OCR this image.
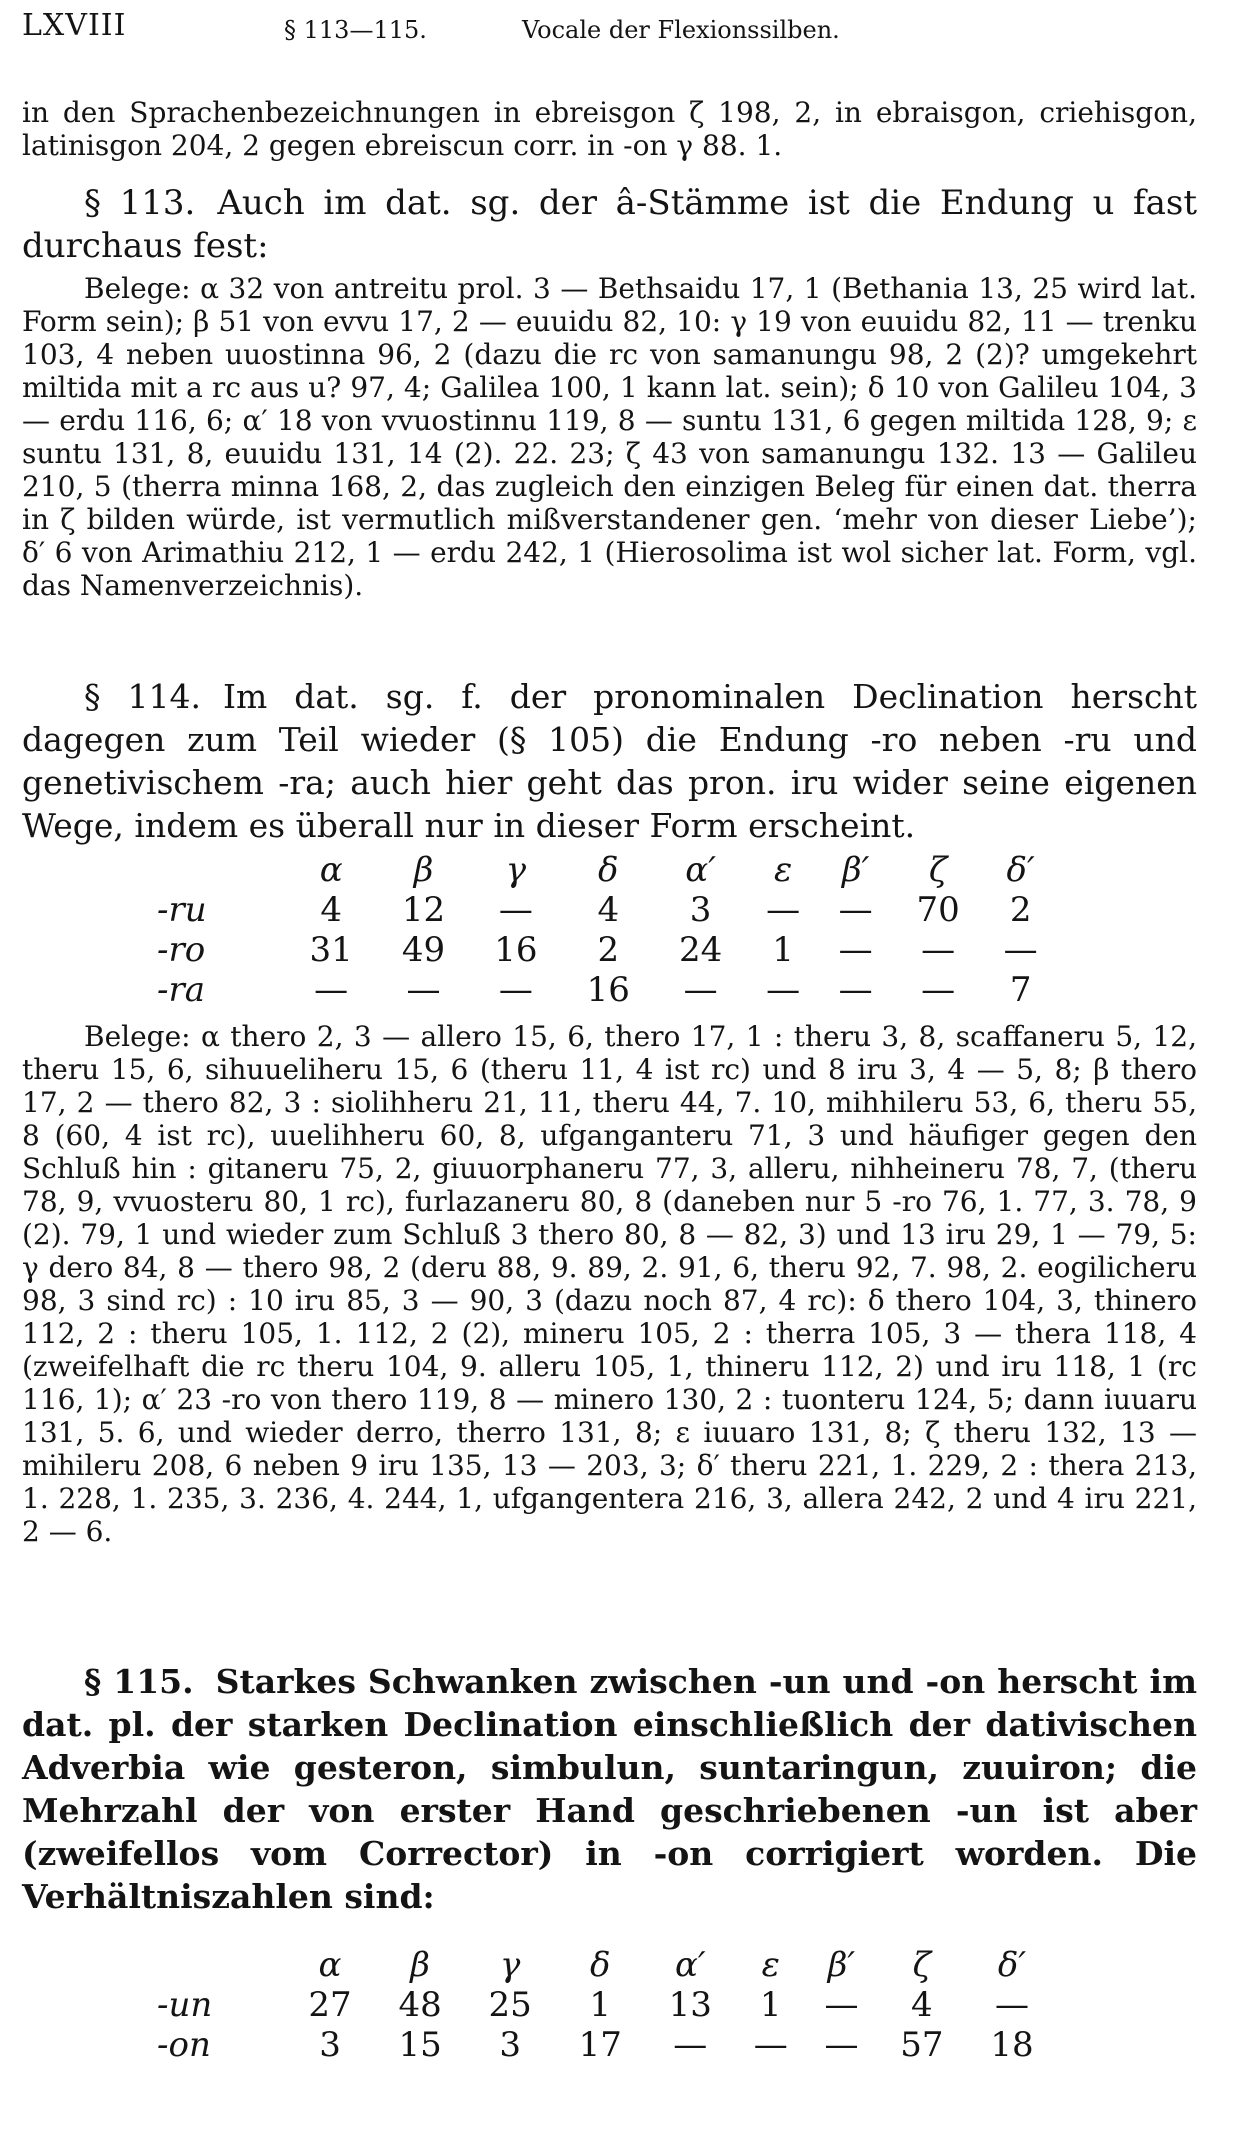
LXVIII	§ 113—115.	Vocale der Flexionssilben.

in den Sprachenbezeichnungen in ebreisgon ζ 198, 2, in ebraisgon, criehisgon, latinisgon 204, 2 gegen ebreiscun corr. in -on γ 88. 1.

§ 113. Auch im dat. sg. der â-Stämme ist die Endung u fast durchaus fest:

Belege: α 32 von antreitu prol. 3 — Bethsaidu 17, 1 (Bethania 13, 25 wird lat. Form sein); β 51 von evvu 17, 2 — euuidu 82, 10: γ 19 von euuidu 82, 11 — trenku 103, 4 neben uuostinna 96, 2 (dazu die rc von samanungu 98, 2 (2)? umgekehrt miltida mit a rc aus u? 97, 4; Galilea 100, 1 kann lat. sein); δ 10 von Galileu 104, 3 — erdu 116, 6; α′ 18 von vvuostinnu 119, 8 — suntu 131, 6 gegen miltida 128, 9; ε suntu 131, 8, euuidu 131, 14 (2). 22. 23; ζ 43 von samanungu 132. 13 — Galileu 210, 5 (therra minna 168, 2, das zugleich den einzigen Beleg für einen dat. therra in ζ bilden würde, ist vermutlich mißverstandener gen. ‘mehr von dieser Liebe’); δ′ 6 von Arimathiu 212, 1 — erdu 242, 1 (Hierosolima ist wol sicher lat. Form, vgl. das Namenverzeichnis).

§ 114. Im dat. sg. f. der pronominalen Declination herscht dagegen zum Teil wieder (§ 105) die Endung -ro neben -ru und genetivischem -ra; auch hier geht das pron. iru wider seine eigenen Wege, indem es überall nur in dieser Form erscheint.

	α	β	γ	δ	α′	ε	β′	ζ	δ′
-ru	4	12	—	4	3	—	—	70	2
-ro	31	49	16	2	24	1	—	—	—
-ra	—	—	—	16	—	—	—	—	7

Belege: α thero 2, 3 — allero 15, 6, thero 17, 1 : theru 3, 8, scaffaneru 5, 12, theru 15, 6, sihuueliheru 15, 6 (theru 11, 4 ist rc) und 8 iru 3, 4 — 5, 8; β thero 17, 2 — thero 82, 3 : siolihheru 21, 11, theru 44, 7. 10, mihhileru 53, 6, theru 55, 8 (60, 4 ist rc), uuelihheru 60, 8, ufganganteru 71, 3 und häufiger gegen den Schluß hin : gitaneru 75, 2, giuuorphaneru 77, 3, alleru, nihheineru 78, 7, (theru 78, 9, vvuosteru 80, 1 rc), furlazaneru 80, 8 (daneben nur 5 -ro 76, 1. 77, 3. 78, 9 (2). 79, 1 und wieder zum Schluß 3 thero 80, 8 — 82, 3) und 13 iru 29, 1 — 79, 5: γ dero 84, 8 — thero 98, 2 (deru 88, 9. 89, 2. 91, 6, theru 92, 7. 98, 2. eogilicheru 98, 3 sind rc) : 10 iru 85, 3 — 90, 3 (dazu noch 87, 4 rc): δ thero 104, 3, thinero 112, 2 : theru 105, 1. 112, 2 (2), mineru 105, 2 : therra 105, 3 — thera 118, 4 (zweifelhaft die rc theru 104, 9. alleru 105, 1, thineru 112, 2) und iru 118, 1 (rc 116, 1); α′ 23 -ro von thero 119, 8 — minero 130, 2 : tuonteru 124, 5; dann iuuaru 131, 5. 6, und wieder derro, therro 131, 8; ε iuuaro 131, 8; ζ theru 132, 13 — mihileru 208, 6 neben 9 iru 135, 13 — 203, 3; δ′ theru 221, 1. 229, 2 : thera 213, 1. 228, 1. 235, 3. 236, 4. 244, 1, ufgangentera 216, 3, allera 242, 2 und 4 iru 221, 2 — 6.

§ 115. Starkes Schwanken zwischen -un und -on herscht im dat. pl. der starken Declination einschließlich der dativischen Adverbia wie gesteron, simbulun, suntaringun, zuuiron; die Mehrzahl der von erster Hand geschriebenen -un ist aber (zweifellos vom Corrector) in -on corrigiert worden. Die Verhältniszahlen sind:

	α	β	γ	δ	α′	ε	β′	ζ	δ′
-un	27	48	25	1	13	1	—	4	—
-on	3	15	3	17	—	—	—	57	18
